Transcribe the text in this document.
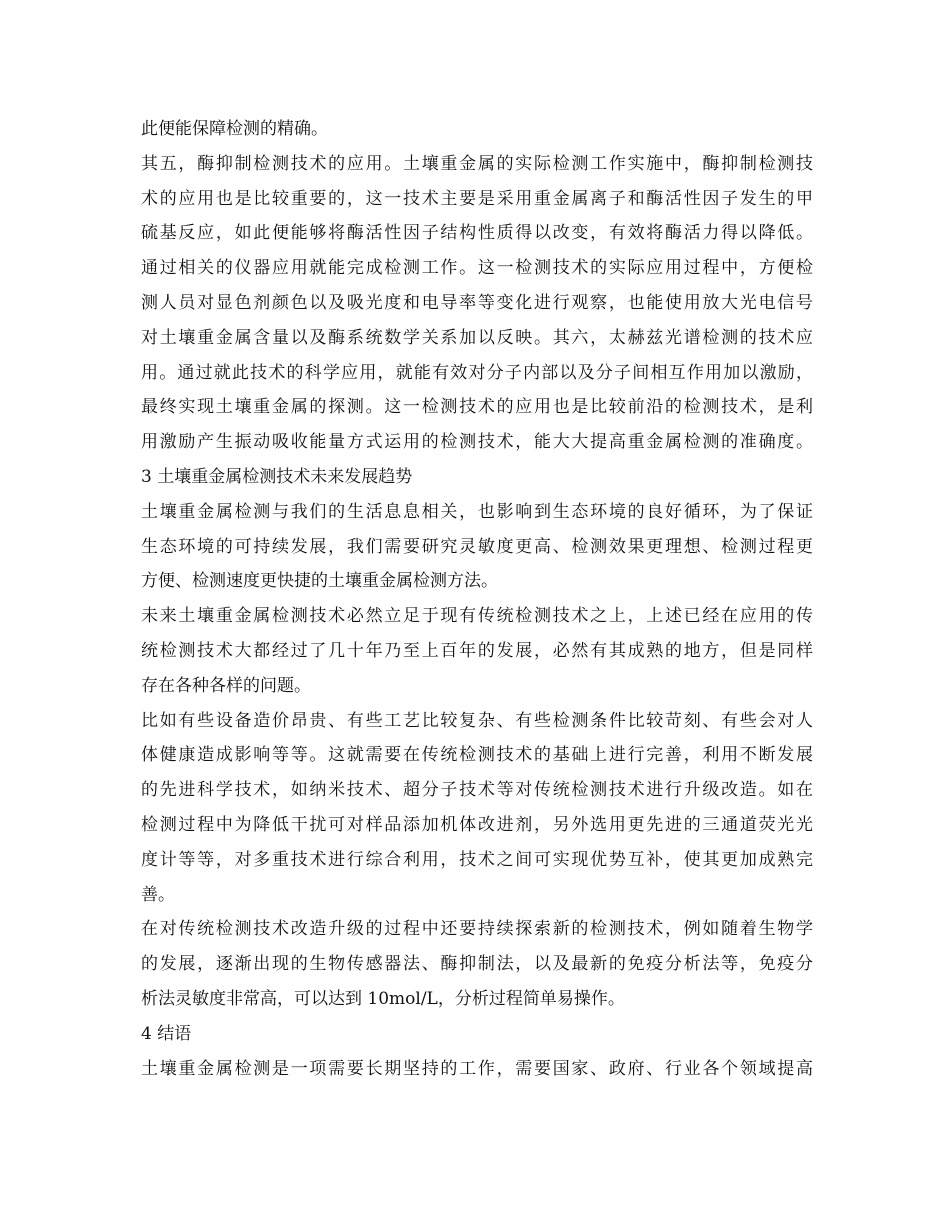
此便能保障检测的精确。
其五，酶抑制检测技术的应用。土壤重金属的实际检测工作实施中，酶抑制检测技
术的应用也是比较重要的，这一技术主要是采用重金属离子和酶活性因子发生的甲
硫基反应，如此便能够将酶活性因子结构性质得以改变，有效将酶活力得以降低。
通过相关的仪器应用就能完成检测工作。这一检测技术的实际应用过程中，方便检
测人员对显色剂颜色以及吸光度和电导率等变化进行观察，也能使用放大光电信号
对土壤重金属含量以及酶系统数学关系加以反映。其六，太赫兹光谱检测的技术应
用。通过就此技术的科学应用，就能有效对分子内部以及分子间相互作用加以激励，
最终实现土壤重金属的探测。这一检测技术的应用也是比较前沿的检测技术，是利
用激励产生振动吸收能量方式运用的检测技术，能大大提高重金属检测的准确度。
3 土壤重金属检测技术未来发展趋势
土壤重金属检测与我们的生活息息相关，也影响到生态环境的良好循环，为了保证
生态环境的可持续发展，我们需要研究灵敏度更高、检测效果更理想、检测过程更
方便、检测速度更快捷的土壤重金属检测方法。
未来土壤重金属检测技术必然立足于现有传统检测技术之上，上述已经在应用的传
统检测技术大都经过了几十年乃至上百年的发展，必然有其成熟的地方，但是同样
存在各种各样的问题。
比如有些设备造价昂贵、有些工艺比较复杂、有些检测条件比较苛刻、有些会对人
体健康造成影响等等。这就需要在传统检测技术的基础上进行完善，利用不断发展
的先进科学技术，如纳米技术、超分子技术等对传统检测技术进行升级改造。如在
检测过程中为降低干扰可对样品添加机体改进剂，另外选用更先进的三通道荧光光
度计等等，对多重技术进行综合利用，技术之间可实现优势互补，使其更加成熟完
善。
在对传统检测技术改造升级的过程中还要持续探索新的检测技术，例如随着生物学
的发展，逐渐出现的生物传感器法、酶抑制法，以及最新的免疫分析法等，免疫分
析法灵敏度非常高，可以达到 10mol/L，分析过程简单易操作。
4 结语
土壤重金属检测是一项需要长期坚持的工作，需要国家、政府、行业各个领域提高
